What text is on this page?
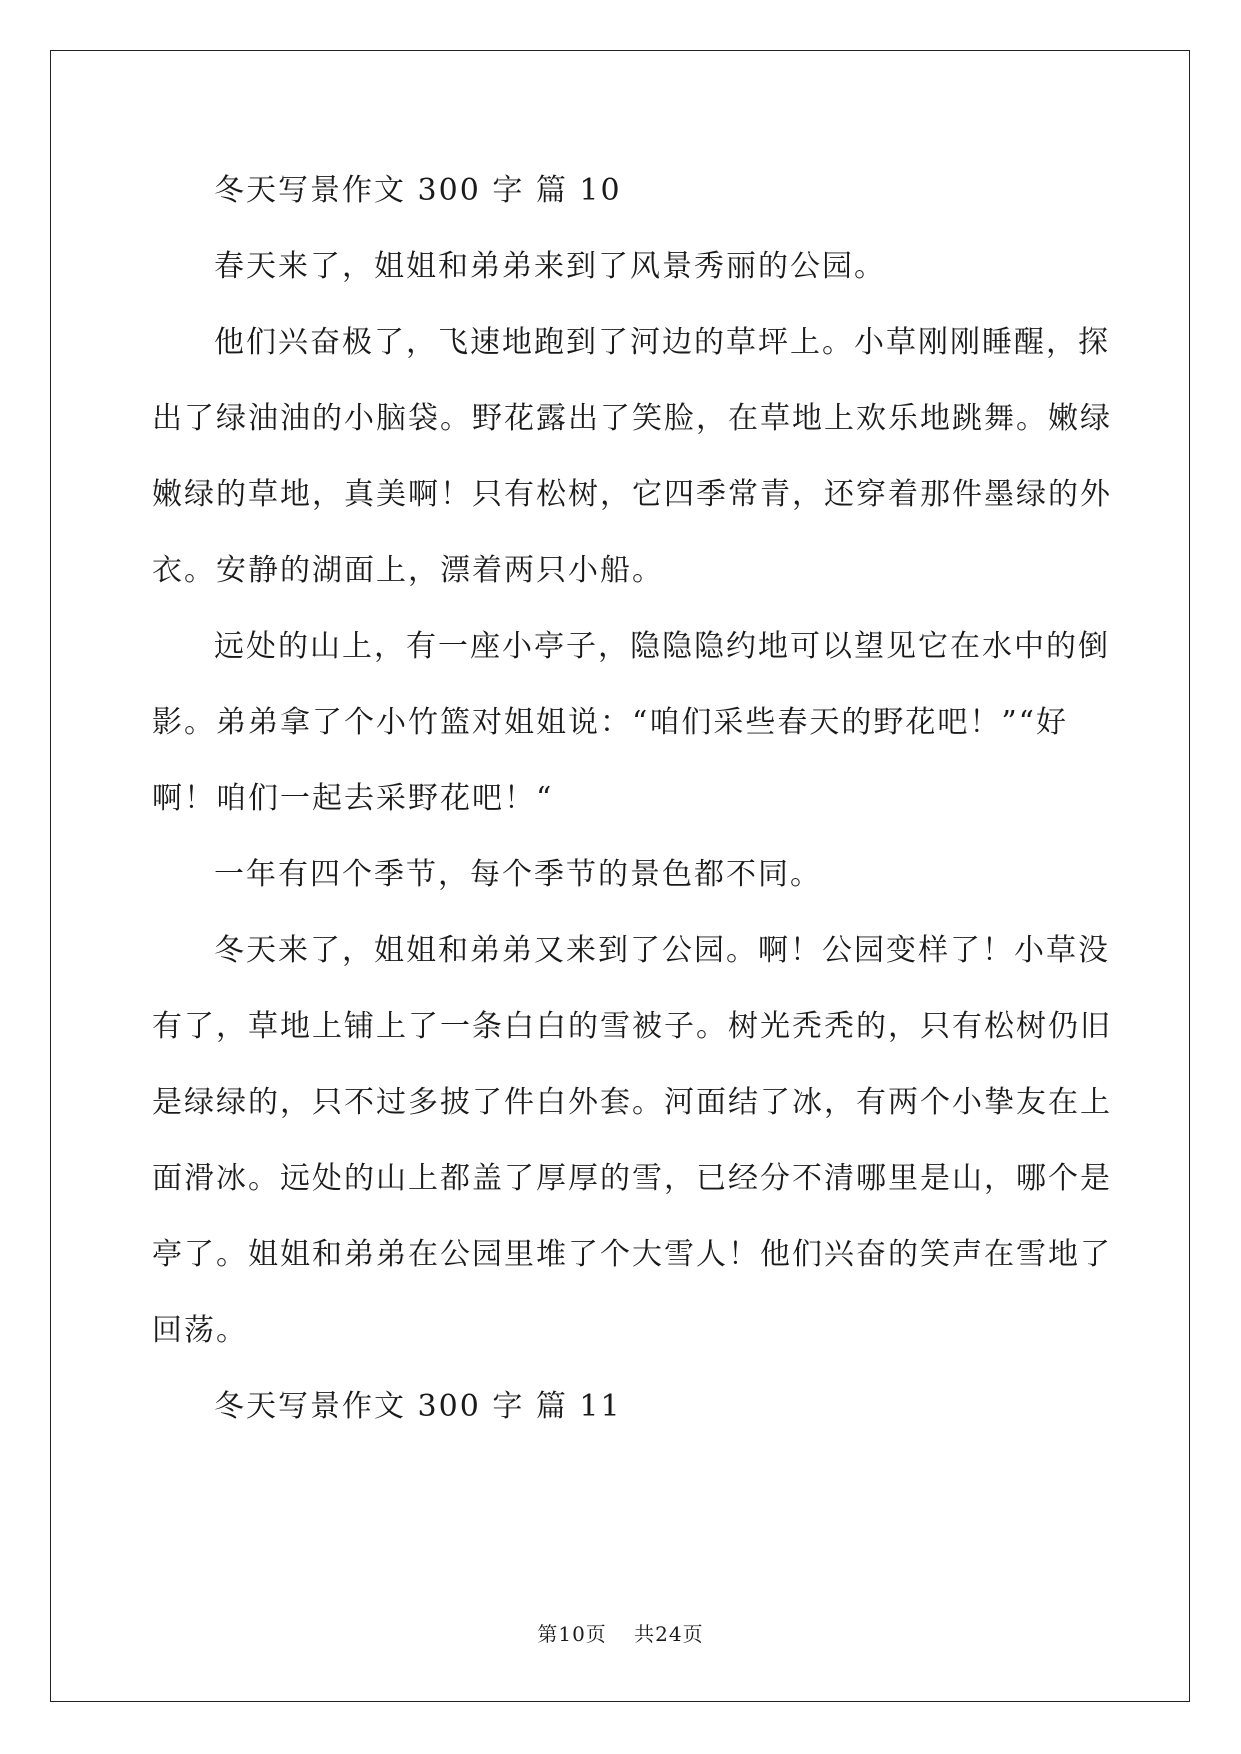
冬天写景作文 300 字 篇 10
春天来了，姐姐和弟弟来到了风景秀丽的公园。
他们兴奋极了，飞速地跑到了河边的草坪上。小草刚刚睡醒，探
出了绿油油的小脑袋。野花露出了笑脸，在草地上欢乐地跳舞。嫩绿
嫩绿的草地，真美啊！只有松树，它四季常青，还穿着那件墨绿的外
衣。安静的湖面上，漂着两只小船。
远处的山上，有一座小亭子，隐隐隐约地可以望见它在水中的倒
影。弟弟拿了个小竹篮对姐姐说：“咱们采些春天的野花吧！”“好
啊！咱们一起去采野花吧！“
一年有四个季节，每个季节的景色都不同。
冬天来了，姐姐和弟弟又来到了公园。啊！公园变样了！小草没
有了，草地上铺上了一条白白的雪被子。树光秃秃的，只有松树仍旧
是绿绿的，只不过多披了件白外套。河面结了冰，有两个小挚友在上
面滑冰。远处的山上都盖了厚厚的雪，已经分不清哪里是山，哪个是
亭了。姐姐和弟弟在公园里堆了个大雪人！他们兴奋的笑声在雪地了
回荡。
冬天写景作文 300 字 篇 11
第10页 共24页
